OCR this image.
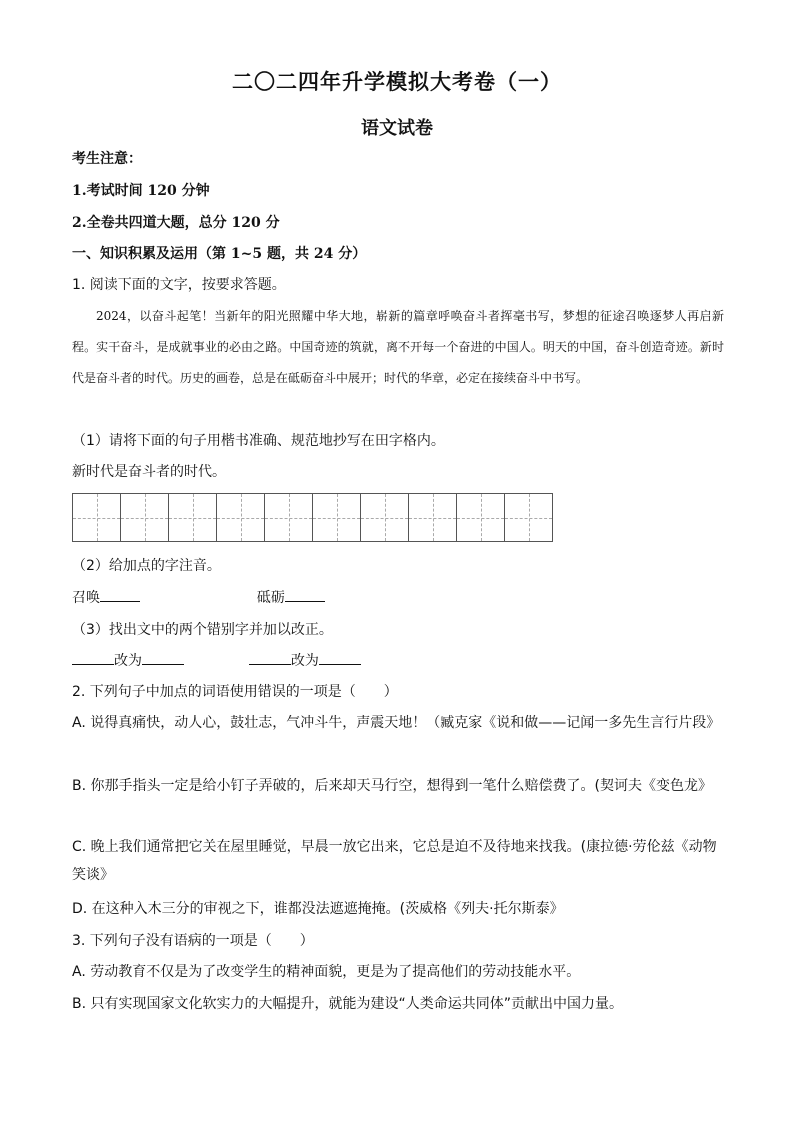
二〇二四年升学模拟大考卷（一）
语文试卷
考生注意：
1.考试时间 120 分钟
2.全卷共四道大题，总分 120 分
一、知识积累及运用（第 1~5 题，共 24 分）
1. 阅读下面的文字，按要求答题。
2024，以奋斗起笔！当新年的阳光照耀中华大地，崭新的篇章呼唤奋斗者挥毫书写，梦想的征途召唤逐梦人再启新程。实干奋斗，是成就事业的必由之路。中国奇迹的筑就，离不开每一个奋进的中国人。明天的中国，奋斗创造奇迹。新时代是奋斗者的时代。历史的画卷，总是在砥砺奋斗中展开；时代的华章，必定在接续奋斗中书写。
（1）请将下面的句子用楷书准确、规范地抄写在田字格内。
新时代是奋斗者的时代。
（2）给加点的字注音。
召唤	砥砺
（3）找出文中的两个错别字并加以改正。
改为	改为
2. 下列句子中加点的词语使用错误的一项是（　　）
A. 说得真痛快，动人心，鼓壮志，气冲斗牛，声震天地！（臧克家《说和做——记闻一多先生言行片段》
B. 你那手指头一定是给小钉子弄破的，后来却天马行空，想得到一笔什么赔偿费了。(契诃夫《变色龙》
C. 晚上我们通常把它关在屋里睡觉，早晨一放它出来，它总是迫不及待地来找我。(康拉德·劳伦兹《动物笑谈》
D. 在这种入木三分的审视之下，谁都没法遮遮掩掩。(茨威格《列夫·托尔斯泰》
3. 下列句子没有语病的一项是（　　）
A. 劳动教育不仅是为了改变学生的精神面貌，更是为了提高他们的劳动技能水平。
B. 只有实现国家文化软实力的大幅提升，就能为建设“人类命运共同体”贡献出中国力量。
